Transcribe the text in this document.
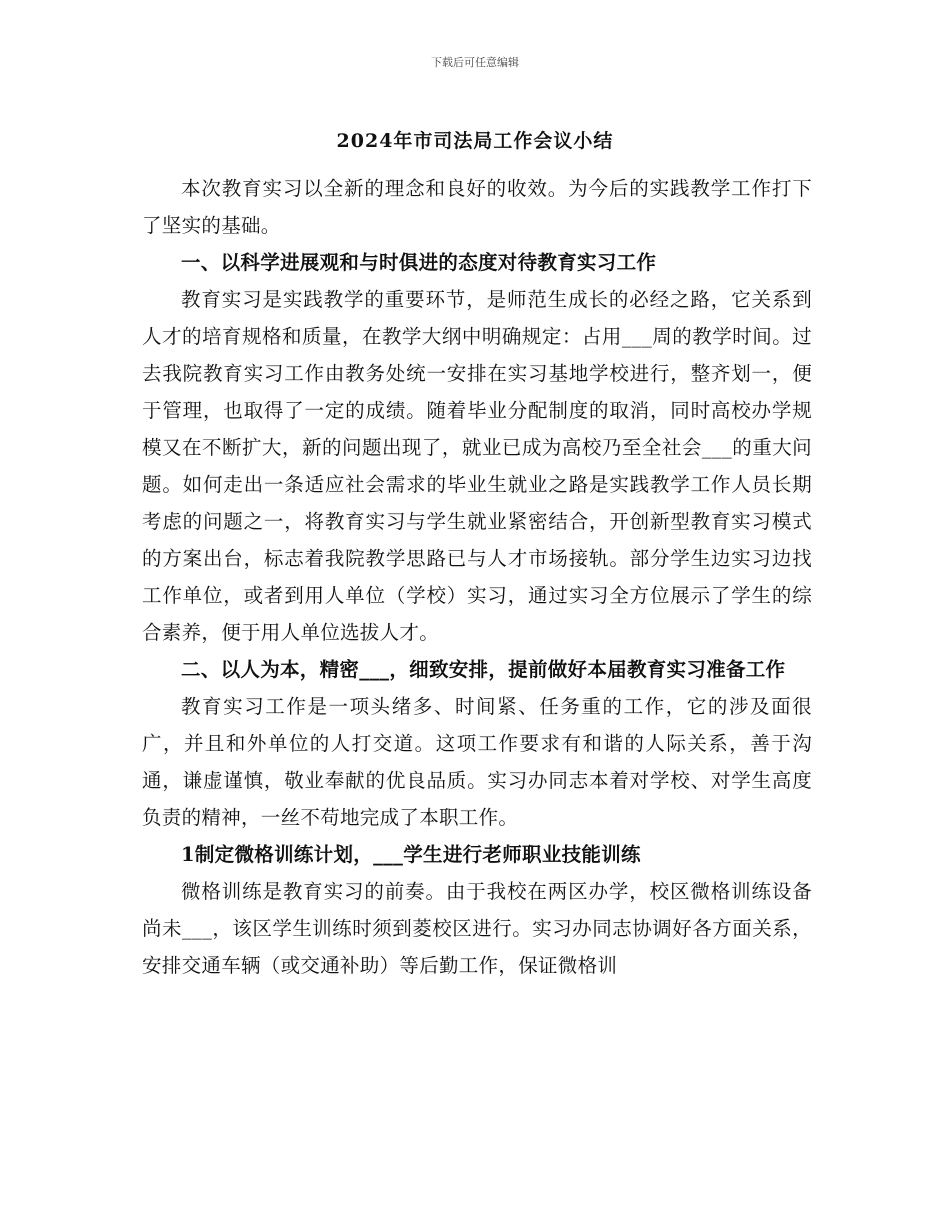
下载后可任意编辑
2024年市司法局工作会议小结

本次教育实习以全新的理念和良好的收效。为今后的实践教学工作打下了坚实的基础。

一、以科学进展观和与时俱进的态度对待教育实习工作

教育实习是实践教学的重要环节，是师范生成长的必经之路，它关系到人才的培育规格和质量，在教学大纲中明确规定：占用___周的教学时间。过去我院教育实习工作由教务处统一安排在实习基地学校进行，整齐划一，便于管理，也取得了一定的成绩。随着毕业分配制度的取消，同时高校办学规模又在不断扩大，新的问题出现了，就业已成为高校乃至全社会___的重大问题。如何走出一条适应社会需求的毕业生就业之路是实践教学工作人员长期考虑的问题之一，将教育实习与学生就业紧密结合，开创新型教育实习模式的方案出台，标志着我院教学思路已与人才市场接轨。部分学生边实习边找工作单位，或者到用人单位（学校）实习，通过实习全方位展示了学生的综合素养，便于用人单位选拔人才。

二、以人为本，精密___，细致安排，提前做好本届教育实习准备工作

教育实习工作是一项头绪多、时间紧、任务重的工作，它的涉及面很广，并且和外单位的人打交道。这项工作要求有和谐的人际关系，善于沟通，谦虚谨慎，敬业奉献的优良品质。实习办同志本着对学校、对学生高度负责的精神，一丝不苟地完成了本职工作。

1制定微格训练计划，___学生进行老师职业技能训练

微格训练是教育实习的前奏。由于我校在两区办学，校区微格训练设备尚未___，该区学生训练时须到菱校区进行。实习办同志协调好各方面关系，安排交通车辆（或交通补助）等后勤工作，保证微格训
